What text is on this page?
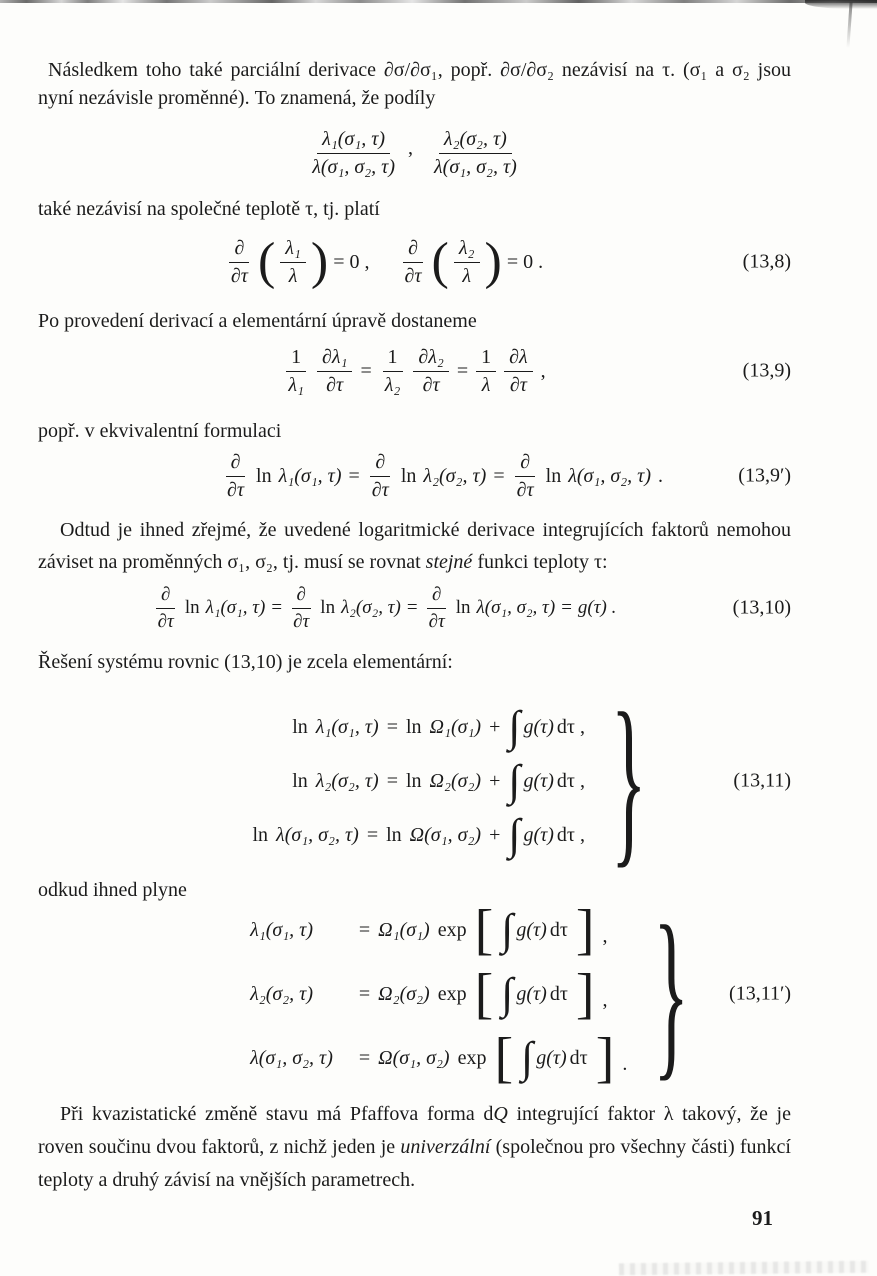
Následkem toho také parciální derivace ∂σ/∂σ₁, popř. ∂σ/∂σ₂ nezávisí na τ. (σ₁ a σ₂ jsou nyní nezávisle proměnné). To znamená, že podíly

$\frac{\text{λ₁(σ₁, τ)}}{\text{λ(σ₁, σ₂, τ)}}$ , $\frac{\text{λ₂(σ₂, τ)}}{\text{λ(σ₁, σ₂, τ)}}$

také nezávisí na společné teplotě τ, tj. platí

$\frac{\partial}{\partial\tau}$ ( $\frac{\text{λ₁}}{\lambda}$ ) = 0 , $\frac{\partial}{\partial\tau}$ ( $\frac{\text{λ₂}}{\lambda}$ ) = 0 .	(13,8)

Po provedení derivací a elementární úpravě dostaneme

$\frac{1}{\text{λ₁}} \frac{\text{∂λ₁}}{\partial\tau} = \frac{1}{\text{λ₂}} \frac{\text{∂λ₂}}{\partial\tau} = \frac{1}{\lambda} \frac{\partial\lambda}{\partial\tau}$ ,	(13,9)

popř. v ekvivalentní formulaci

$\frac{\partial}{\partial\tau}$ ln λ₁(σ₁, $\tau) = \frac{\partial}{\partial\tau}$ ln λ₂(σ₂, $\tau) = \frac{\partial}{\partial\tau}$ ln λ(σ₁, σ₂, τ) .	(13,9′)

Odtud je ihned zřejmé, že uvedené logaritmické derivace integrujících faktorů nemohou záviset na proměnných σ₁, σ₂, tj. musí se rovnat stejné funkci teploty τ:

$\frac{\partial}{\partial\tau}$ ln λ₁(σ₁, $\tau) = \frac{\partial}{\partial\tau}$ ln λ₂(σ₂, $\tau) = \frac{\partial}{\partial\tau}$ ln λ(σ₁, σ₂, τ) = g(τ) .	(13,10)

Řešení systému rovnic (13,10) je zcela elementární:

ln λ₁(σ₁, τ) = ln Ω₁(σ₁) + ∫ g(τ) dτ ,
ln λ₂(σ₂, τ) = ln Ω₂(σ₂) + ∫ g(τ) dτ ,
ln λ(σ₁, σ₂, τ) = ln Ω(σ₁, σ₂) + ∫ g(τ) dτ , }	(13,11)

odkud ihned plyne

λ₁(σ₁, τ) = Ω₁(σ₁) exp [ ∫ g(τ) dτ ] ,
λ₂(σ₂, τ) = Ω₂(σ₂) exp [ ∫ g(τ) dτ ] ,
λ(σ₁, σ₂, τ) = Ω(σ₁, σ₂) exp [ ∫ g(τ) dτ ] . } (13,11′)

Při kvazistatické změně stavu má Pfaffova forma dQ integrující faktor λ takový, že je roven součinu dvou faktorů, z nichž jeden je univerzální (společnou pro všechny části) funkcí teploty a druhý závisí na vnějších parametrech.

91
